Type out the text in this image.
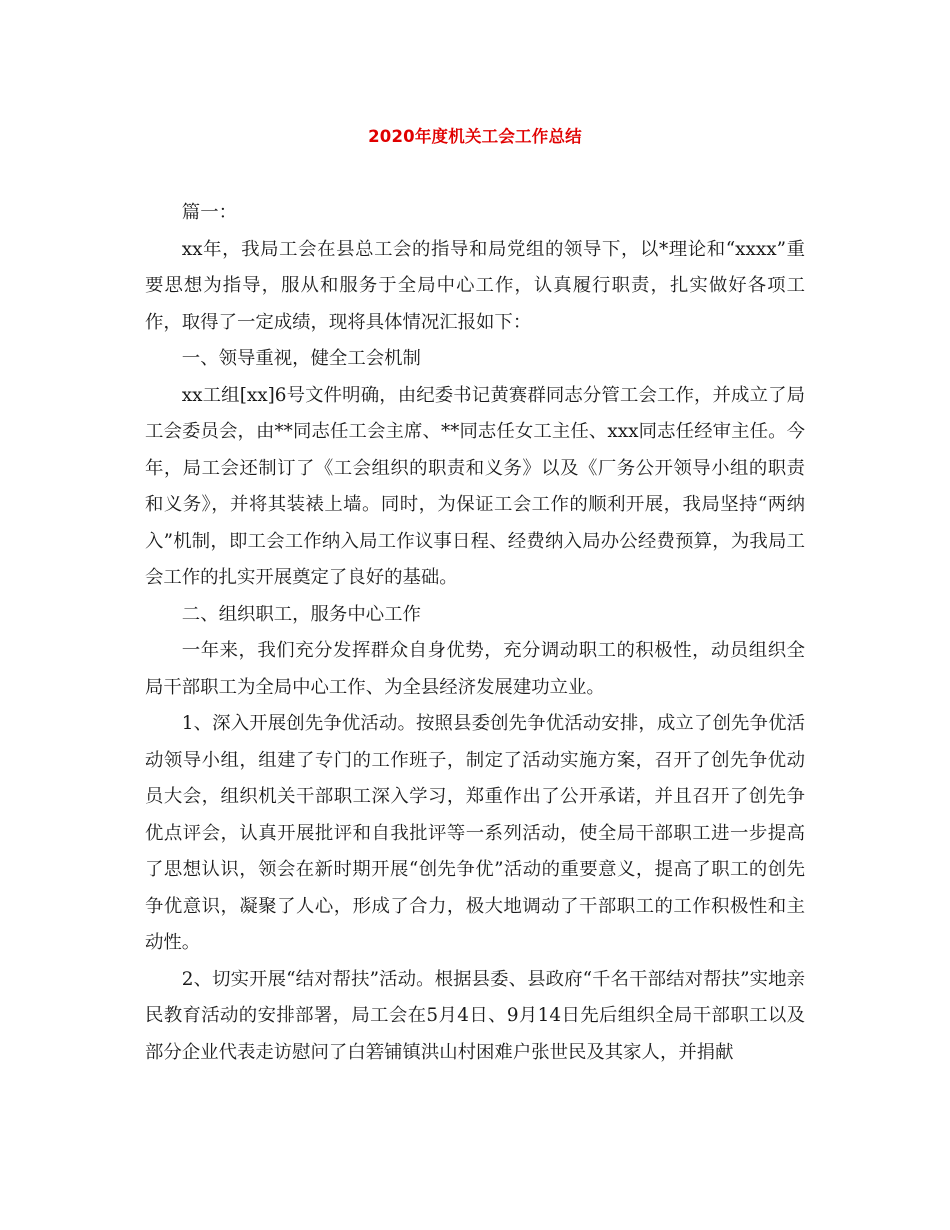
2020年度机关工会工作总结

篇一：

xx年，我局工会在县总工会的指导和局党组的领导下，以*理论和“xxxx”重要思想为指导，服从和服务于全局中心工作，认真履行职责，扎实做好各项工作，取得了一定成绩，现将具体情况汇报如下：

一、领导重视，健全工会机制

xx工组[xx]6号文件明确，由纪委书记黄赛群同志分管工会工作，并成立了局工会委员会，由**同志任工会主席、**同志任女工主任、xxx同志任经审主任。今年，局工会还制订了《工会组织的职责和义务》以及《厂务公开领导小组的职责和义务》，并将其装裱上墙。同时，为保证工会工作的顺利开展，我局坚持“两纳入”机制，即工会工作纳入局工作议事日程、经费纳入局办公经费预算，为我局工会工作的扎实开展奠定了良好的基础。

二、组织职工，服务中心工作

一年来，我们充分发挥群众自身优势，充分调动职工的积极性，动员组织全局干部职工为全局中心工作、为全县经济发展建功立业。

1、深入开展创先争优活动。按照县委创先争优活动安排，成立了创先争优活动领导小组，组建了专门的工作班子，制定了活动实施方案，召开了创先争优动员大会，组织机关干部职工深入学习，郑重作出了公开承诺，并且召开了创先争优点评会，认真开展批评和自我批评等一系列活动，使全局干部职工进一步提高了思想认识，领会在新时期开展“创先争优”活动的重要意义，提高了职工的创先争优意识，凝聚了人心，形成了合力，极大地调动了干部职工的工作积极性和主动性。

2、切实开展“结对帮扶”活动。根据县委、县政府“千名干部结对帮扶”实地亲民教育活动的安排部署，局工会在5月4日、9月14日先后组织全局干部职工以及部分企业代表走访慰问了白箬铺镇洪山村困难户张世民及其家人，并捐献
